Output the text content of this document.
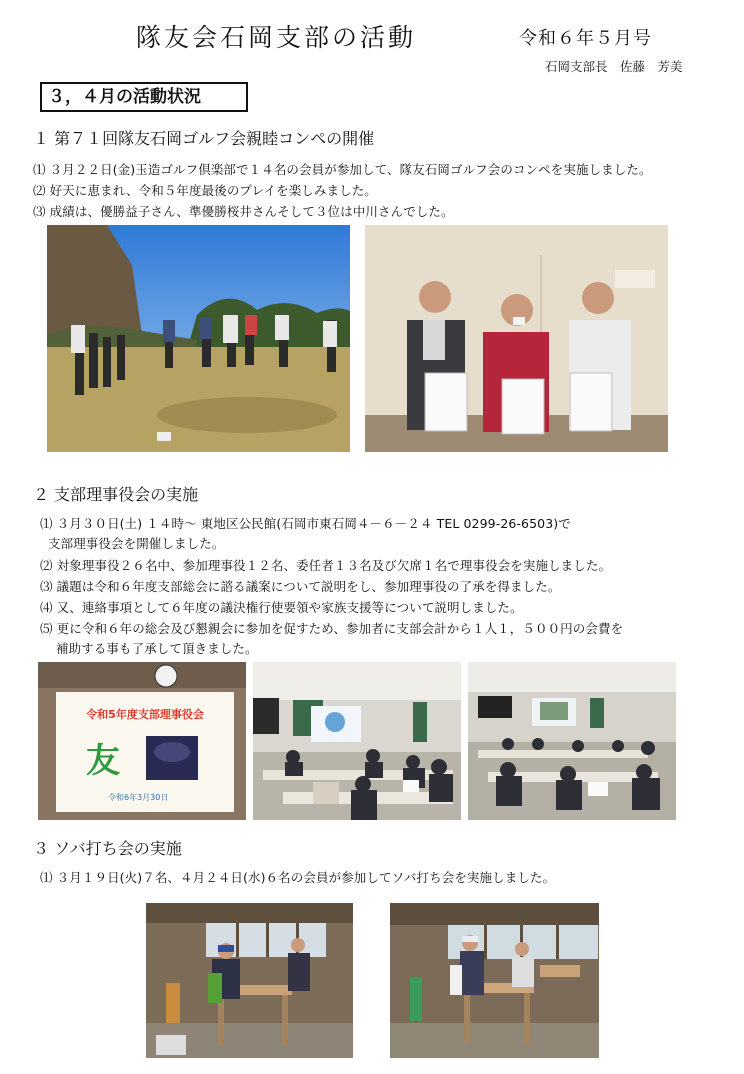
隊友会石岡支部の活動	令和６年５月号
石岡支部長　佐藤　芳美
３，４月の活動状況
１ 第７１回隊友石岡ゴルフ会親睦コンペの開催
⑴ ３月２２日(金)玉造ゴルフ倶楽部で１４名の会員が参加して、隊友石岡ゴルフ会のコンペを実施しました。
⑵ 好天に恵まれ、令和５年度最後のプレイを楽しみました。
⑶ 成績は、優勝益子さん、準優勝桜井さんそして３位は中川さんでした。
２ 支部理事役会の実施
⑴ ３月３０日(土) １４時～ 東地区公民館(石岡市東石岡４－６－２４ TEL 0299-26-6503)で
支部理事役会を開催しました。
⑵ 対象理事役２６名中、参加理事役１２名、委任者１３名及び欠席１名で理事役会を実施しました。
⑶ 議題は令和６年度支部総会に諮る議案について説明をし、参加理事役の了承を得ました。
⑷ 又、連絡事項として６年度の議決権行使要領や家族支援等について説明しました。
⑸ 更に令和６年の総会及び懇親会に参加を促すため、参加者に支部会計から１人１，５００円の会費を
補助する事も了承して頂きました。
令和5年度支部理事役会
友
令和6年3月30日
３ ソバ打ち会の実施
⑴ ３月１９日(火)７名、４月２４日(水)６名の会員が参加してソバ打ち会を実施しました。
